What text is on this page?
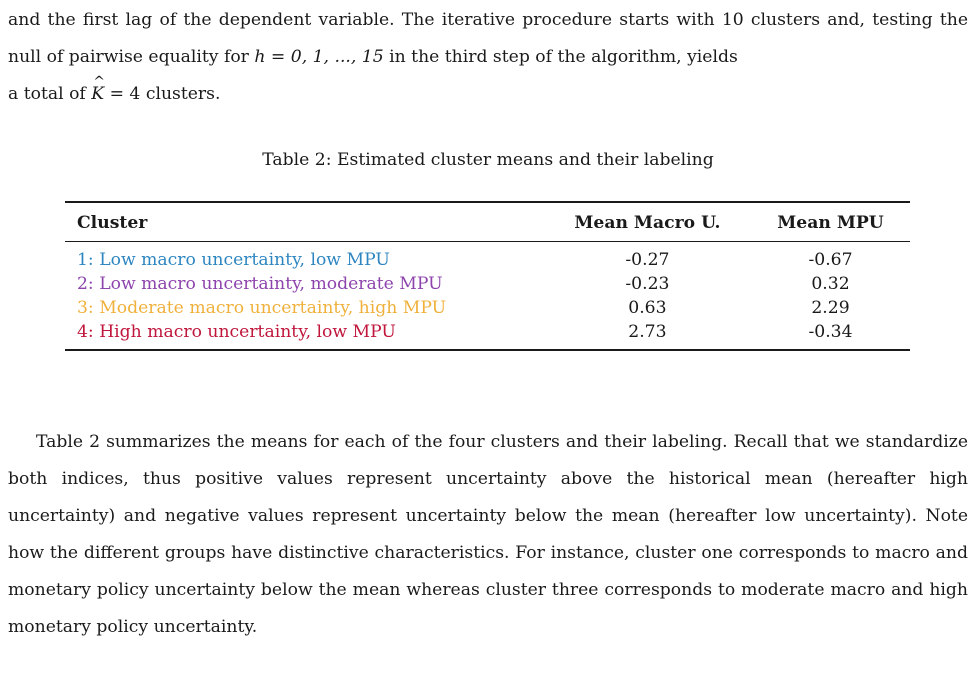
and the first lag of the dependent variable. The iterative procedure starts with 10 clusters and, testing the null of pairwise equality for h = 0, 1, ..., 15 in the third step of the algorithm, yields
a total of ^ K = 4 clusters.

Table 2: Estimated cluster means and their labeling

Cluster	Mean Macro U.	Mean MPU
1: Low macro uncertainty, low MPU	-0.27	-0.67
2: Low macro uncertainty, moderate MPU	-0.23	0.32
3: Moderate macro uncertainty, high MPU	0.63	2.29
4: High macro uncertainty, low MPU	2.73	-0.34

Table 2 summarizes the means for each of the four clusters and their labeling. Recall that we standardize both indices, thus positive values represent uncertainty above the historical mean (hereafter high uncertainty) and negative values represent uncertainty below the mean (hereafter low uncertainty). Note how the different groups have distinctive characteristics. For instance, cluster one corresponds to macro and monetary policy uncertainty below the mean whereas cluster three corresponds to moderate macro and high monetary policy uncertainty.
